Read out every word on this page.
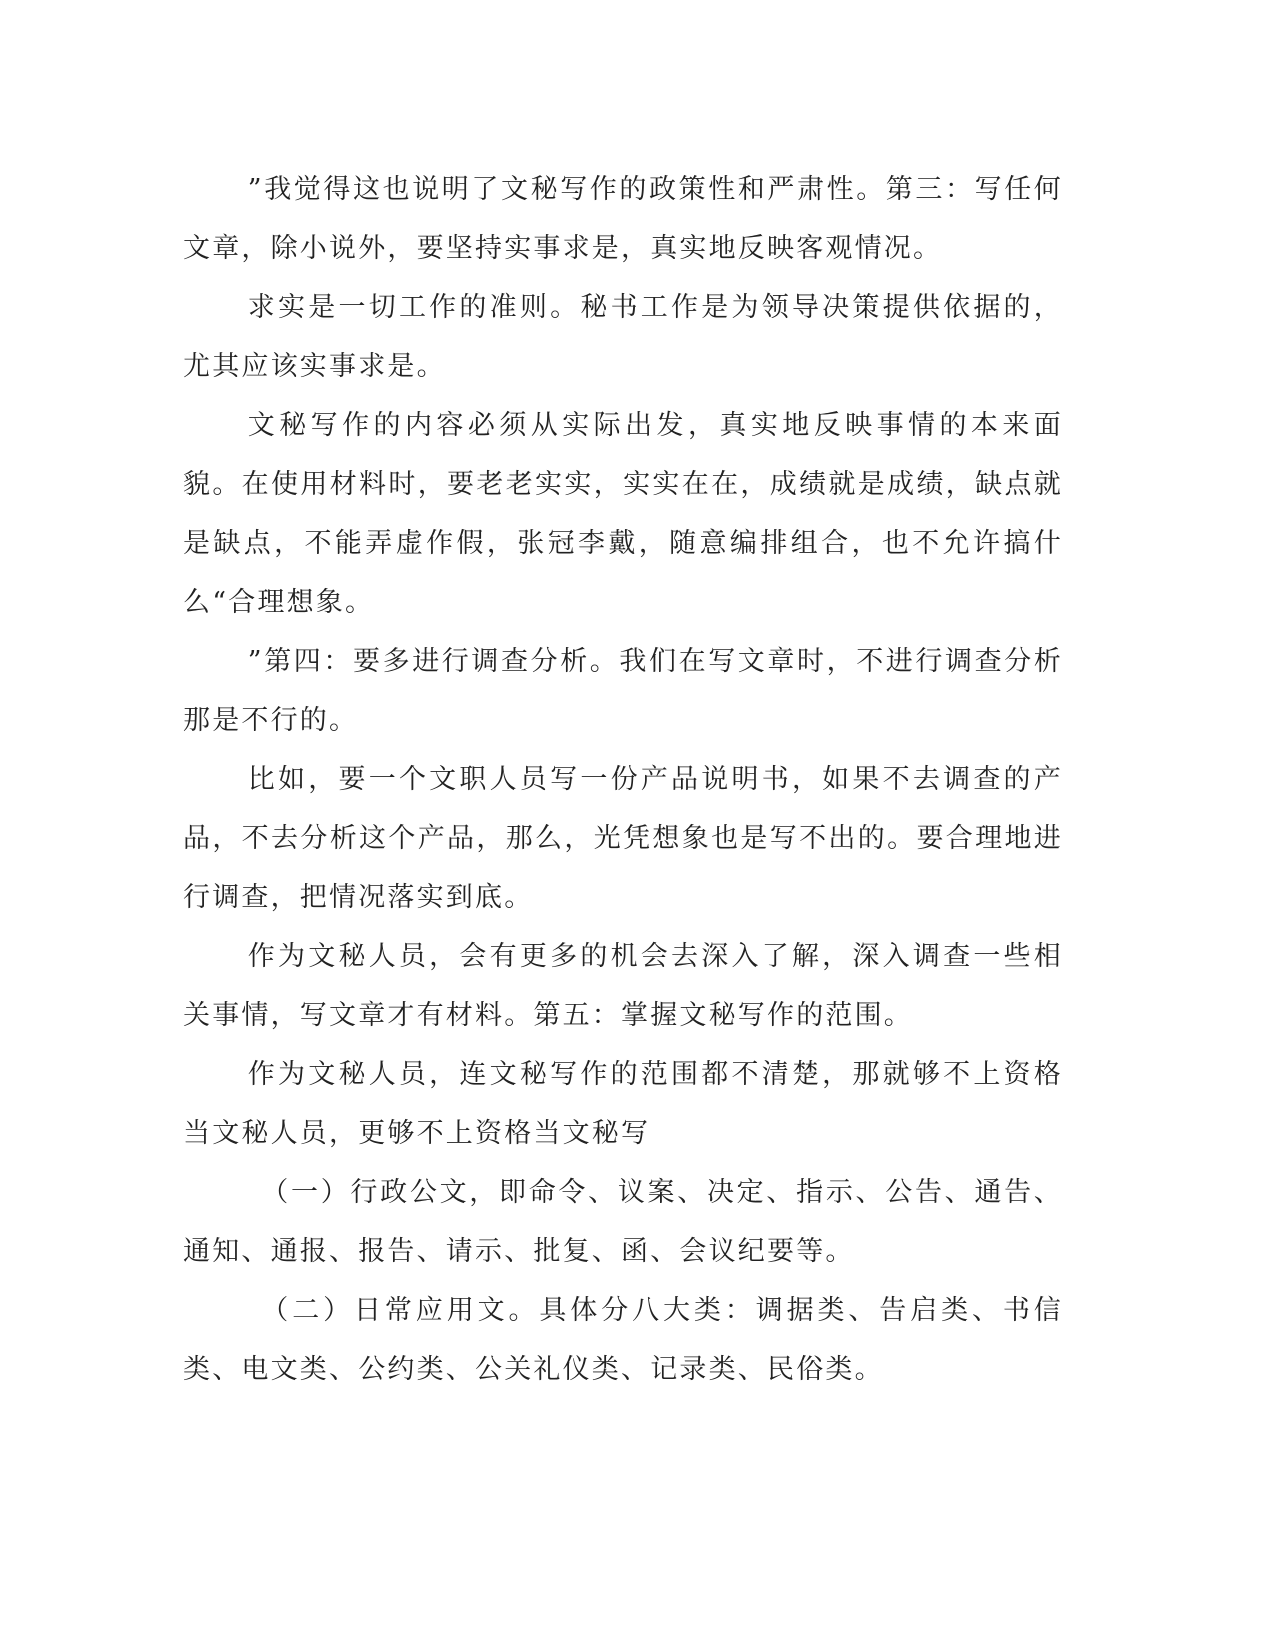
”我觉得这也说明了文秘写作的政策性和严肃性。第三：写任何文章，除小说外，要坚持实事求是，真实地反映客观情况。

求实是一切工作的准则。秘书工作是为领导决策提供依据的，尤其应该实事求是。

文秘写作的内容必须从实际出发，真实地反映事情的本来面貌。在使用材料时，要老老实实，实实在在，成绩就是成绩，缺点就是缺点，不能弄虚作假，张冠李戴，随意编排组合，也不允许搞什么“合理想象。

”第四：要多进行调查分析。我们在写文章时，不进行调查分析那是不行的。

比如，要一个文职人员写一份产品说明书，如果不去调查的产品，不去分析这个产品，那么，光凭想象也是写不出的。要合理地进行调查，把情况落实到底。

作为文秘人员，会有更多的机会去深入了解，深入调查一些相关事情，写文章才有材料。第五：掌握文秘写作的范围。

作为文秘人员，连文秘写作的范围都不清楚，那就够不上资格当文秘人员，更够不上资格当文秘写

（一）行政公文，即命令、议案、决定、指示、公告、通告、通知、通报、报告、请示、批复、函、会议纪要等。

（二）日常应用文。具体分八大类：调据类、告启类、书信类、电文类、公约类、公关礼仪类、记录类、民俗类。
